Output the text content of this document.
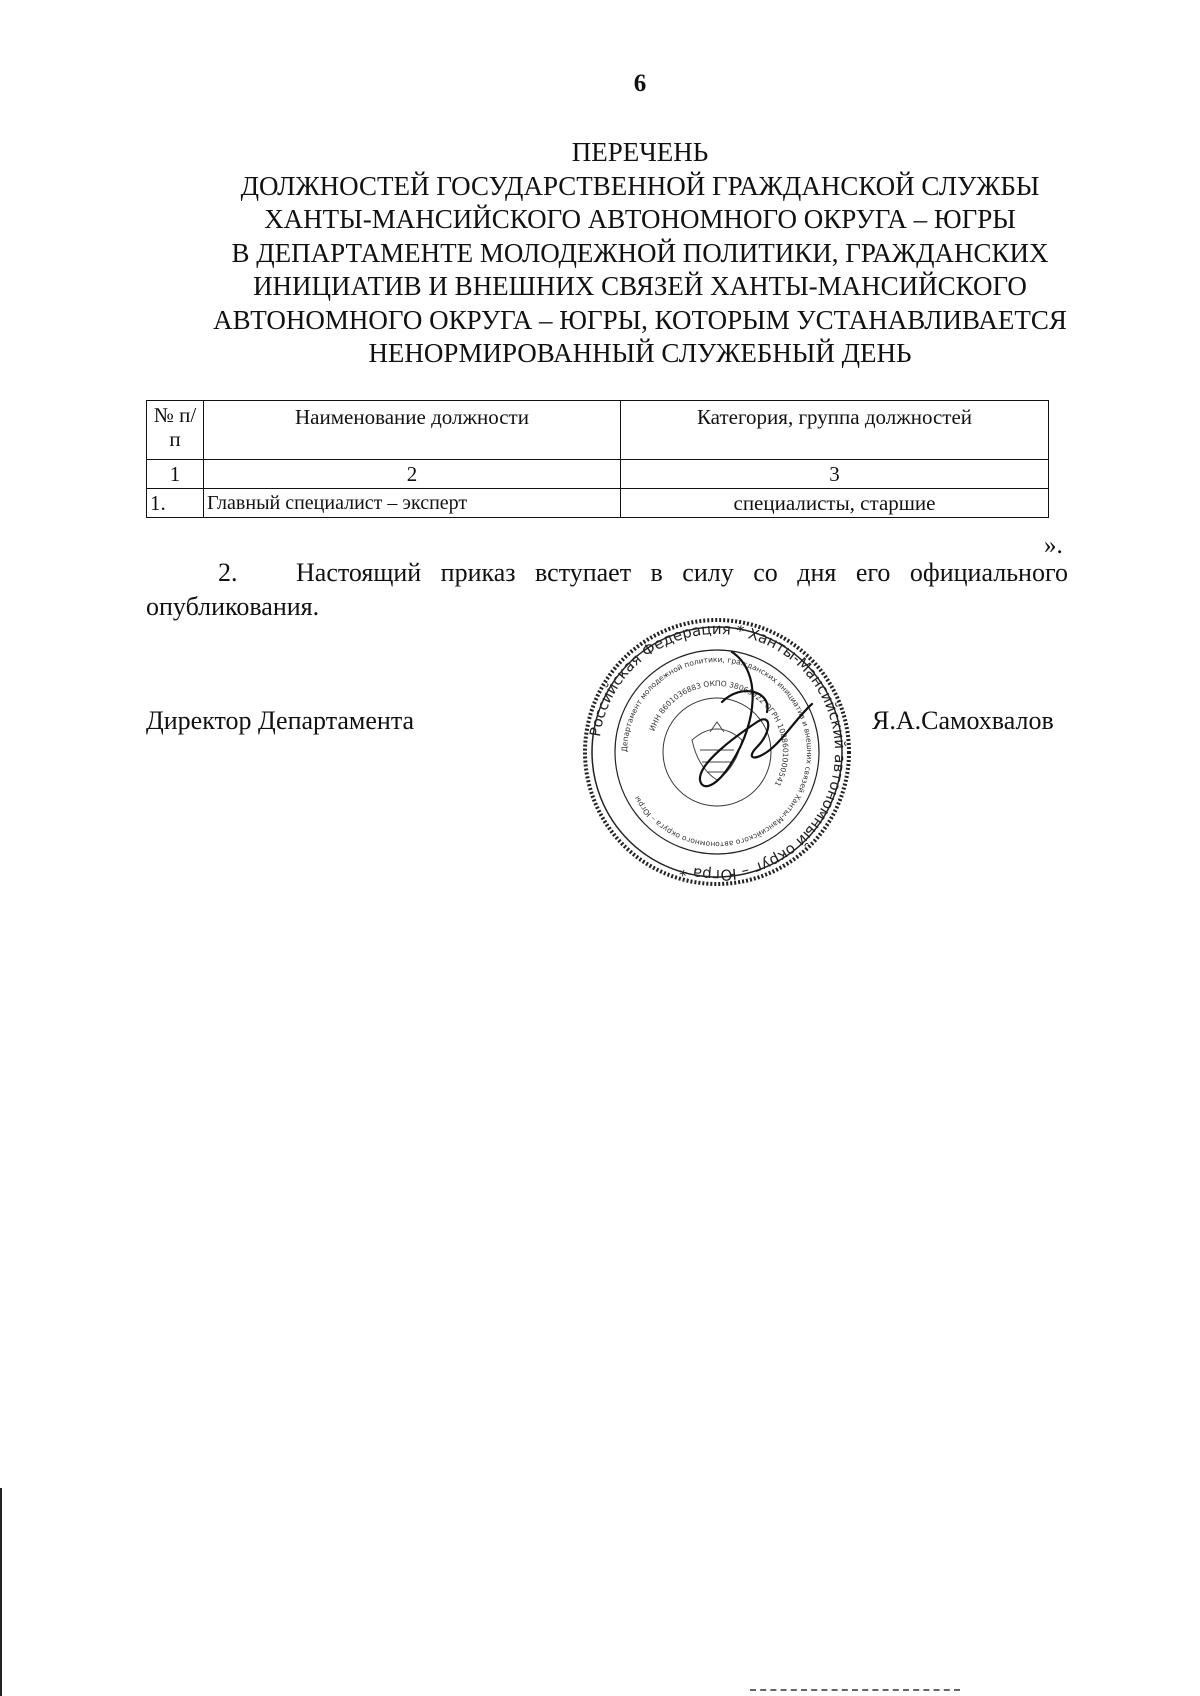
6
ПЕРЕЧЕНЬ
ДОЛЖНОСТЕЙ ГОСУДАРСТВЕННОЙ ГРАЖДАНСКОЙ СЛУЖБЫ
ХАНТЫ-МАНСИЙСКОГО АВТОНОМНОГО ОКРУГА – ЮГРЫ
В ДЕПАРТАМЕНТЕ МОЛОДЕЖНОЙ ПОЛИТИКИ, ГРАЖДАНСКИХ
ИНИЦИАТИВ И ВНЕШНИХ СВЯЗЕЙ ХАНТЫ-МАНСИЙСКОГО
АВТОНОМНОГО ОКРУГА – ЮГРЫ, КОТОРЫМ УСТАНАВЛИВАЕТСЯ
НЕНОРМИРОВАННЫЙ СЛУЖЕБНЫЙ ДЕНЬ
№ п/п	Наименование должности	Категория, группа должностей
1	2	3
1.	Главный специалист – эксперт	специалисты, старшие
».
2. Настоящий приказ вступает в силу со дня его официального
опубликования.
Директор Департамента	Российская Федерация * Ханты-Мансийский автономный округ – Югра *
Департамент молодежной политики, гражданских инициатив и внешних связей Ханты-Мансийского автономного округа – Югры
ИНН 8601036883 ОКПО 38063922 ОГРН 1088601000541
Я.А.Самохвалов
